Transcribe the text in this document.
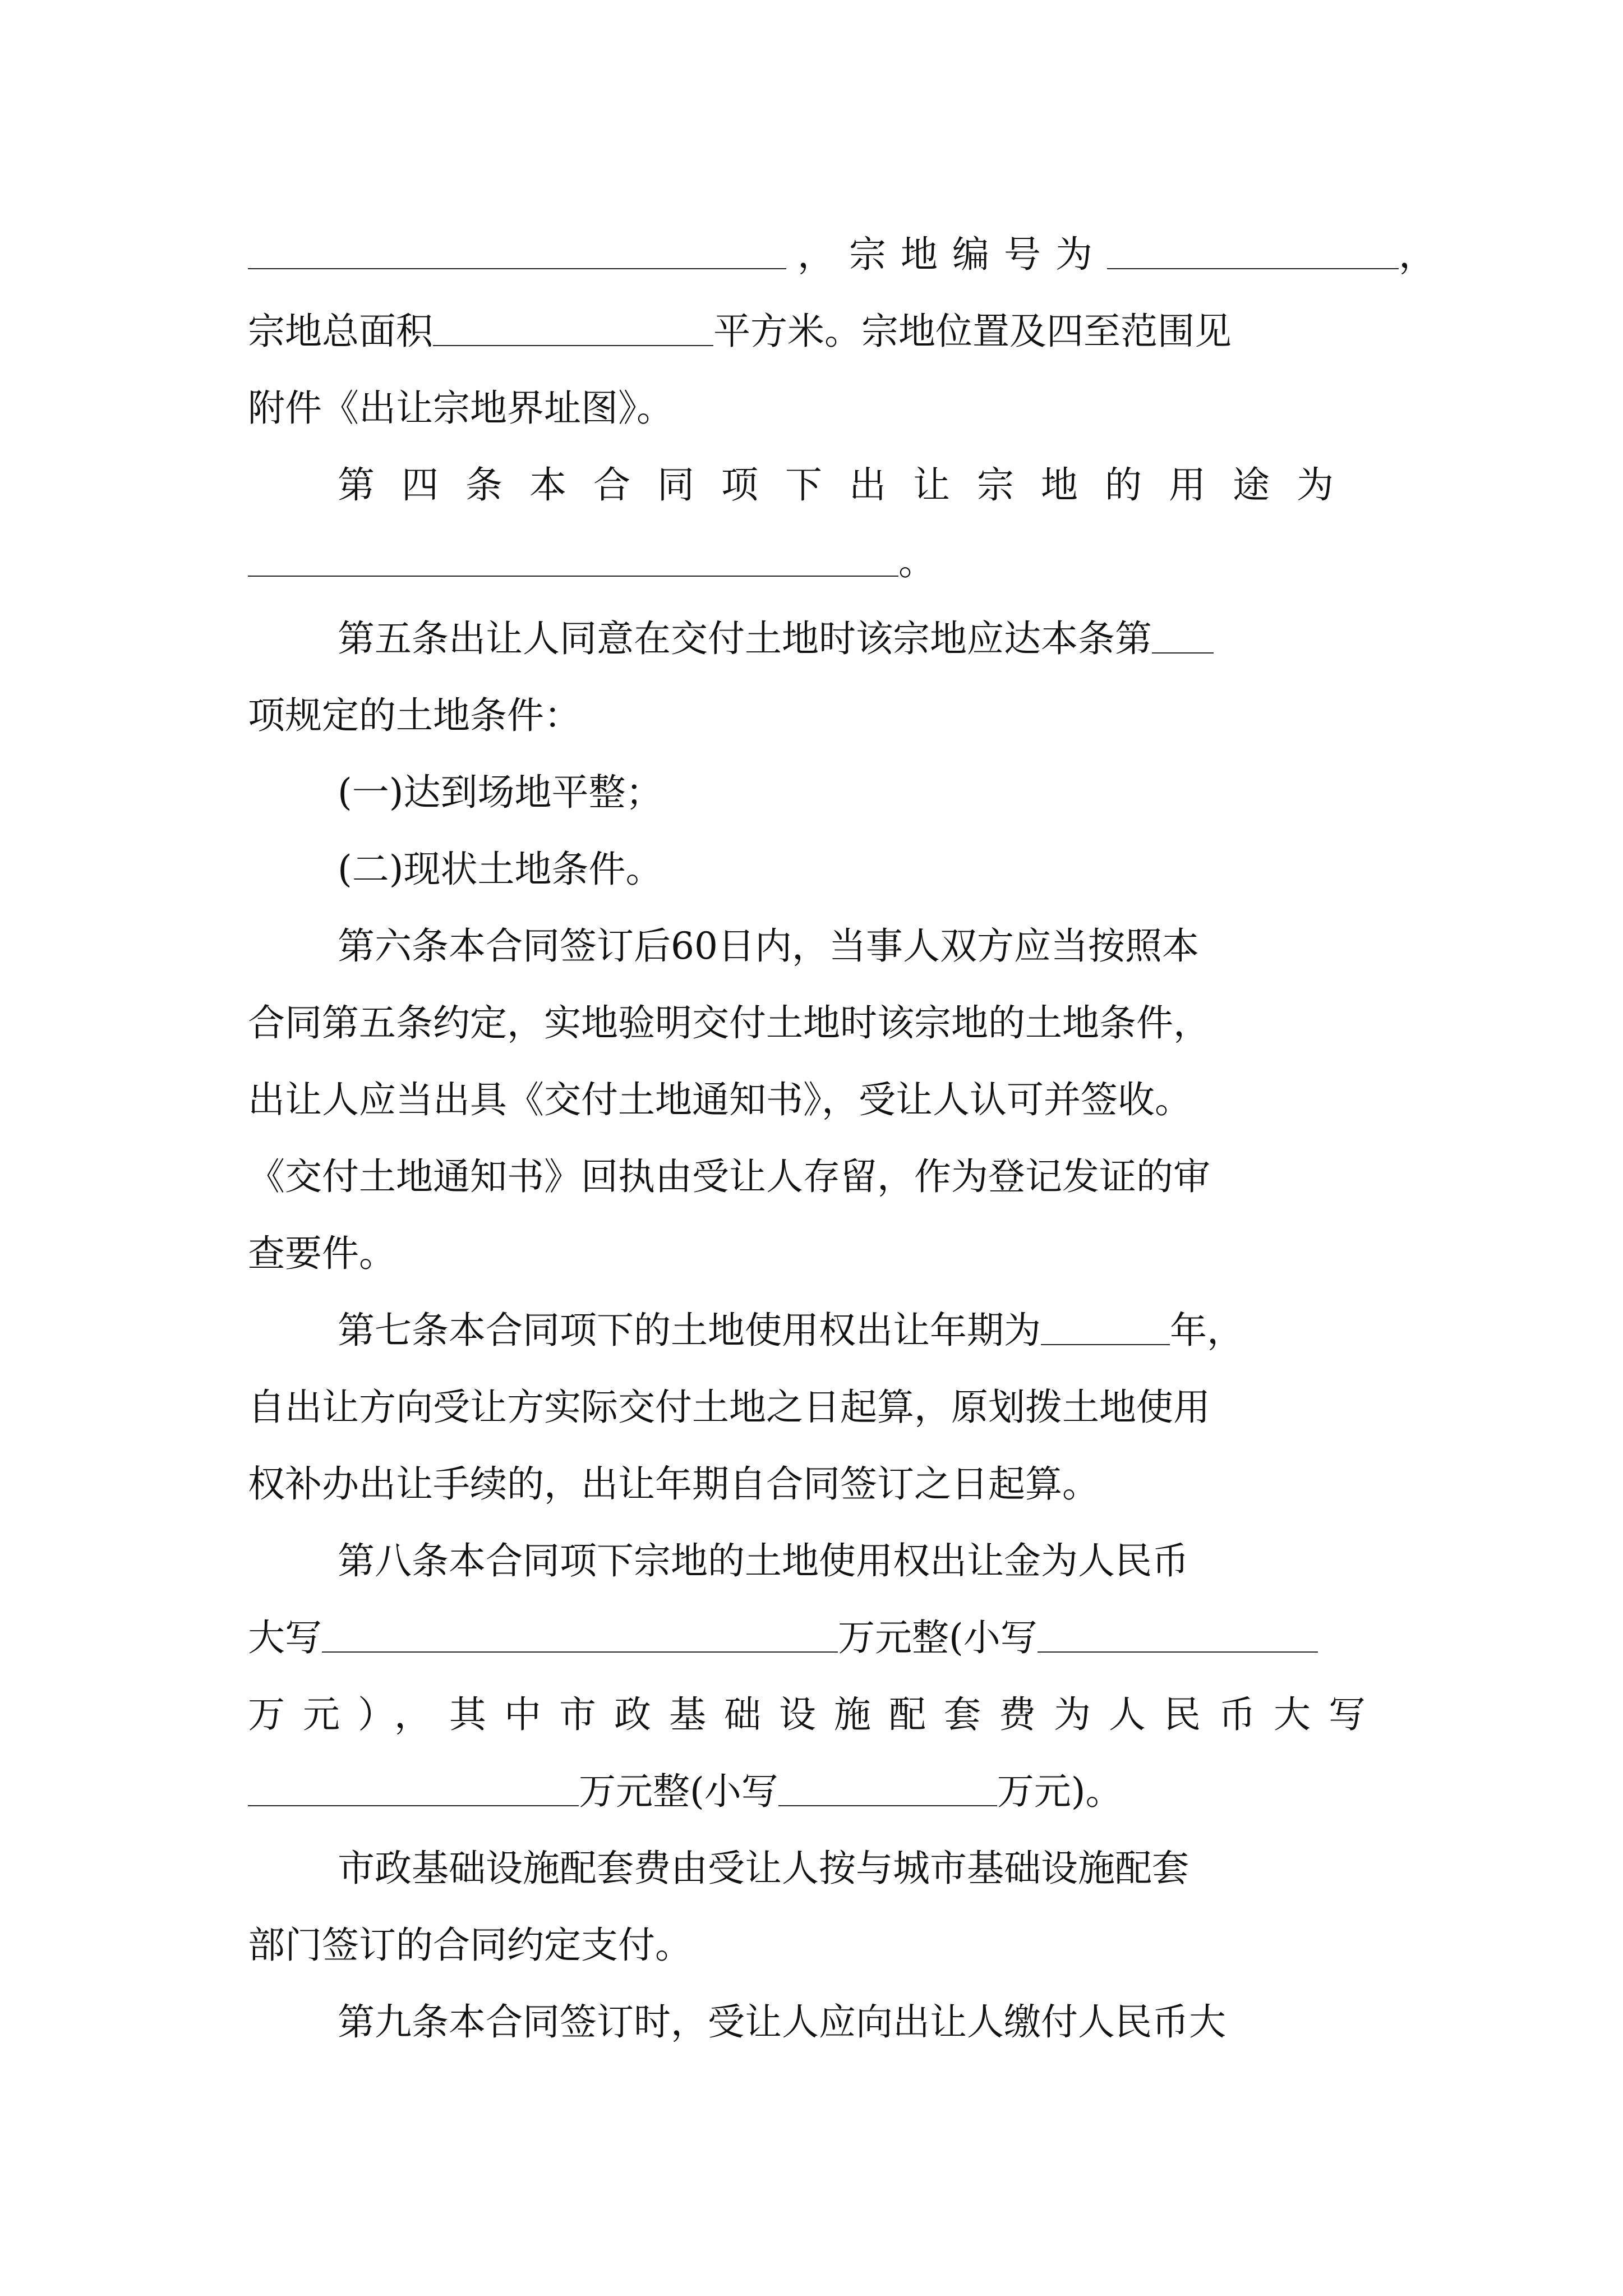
，宗地编号为	，
宗地总面积	平方米。宗地位置及四至范围见
附件《出让宗地界址图》。
第四条本合同项下出让宗地的用途为
。
第五条出让人同意在交付土地时该宗地应达本条第
项规定的土地条件：
(一)达到场地平整；
(二)现状土地条件。
第六条本合同签订后60日内，当事人双方应当按照本
合同第五条约定，实地验明交付土地时该宗地的土地条件，
出让人应当出具《交付土地通知书》，受让人认可并签收。
《交付土地通知书》回执由受让人存留，作为登记发证的审
查要件。
第七条本合同项下的土地使用权出让年期为	年，
自出让方向受让方实际交付土地之日起算，原划拨土地使用
权补办出让手续的，出让年期自合同签订之日起算。
第八条本合同项下宗地的土地使用权出让金为人民币
大写	万元整(小写
万元），其中市政基础设施配套费为人民币大写
万元整(小写	万元)。
市政基础设施配套费由受让人按与城市基础设施配套
部门签订的合同约定支付。
第九条本合同签订时，受让人应向出让人缴付人民币大
